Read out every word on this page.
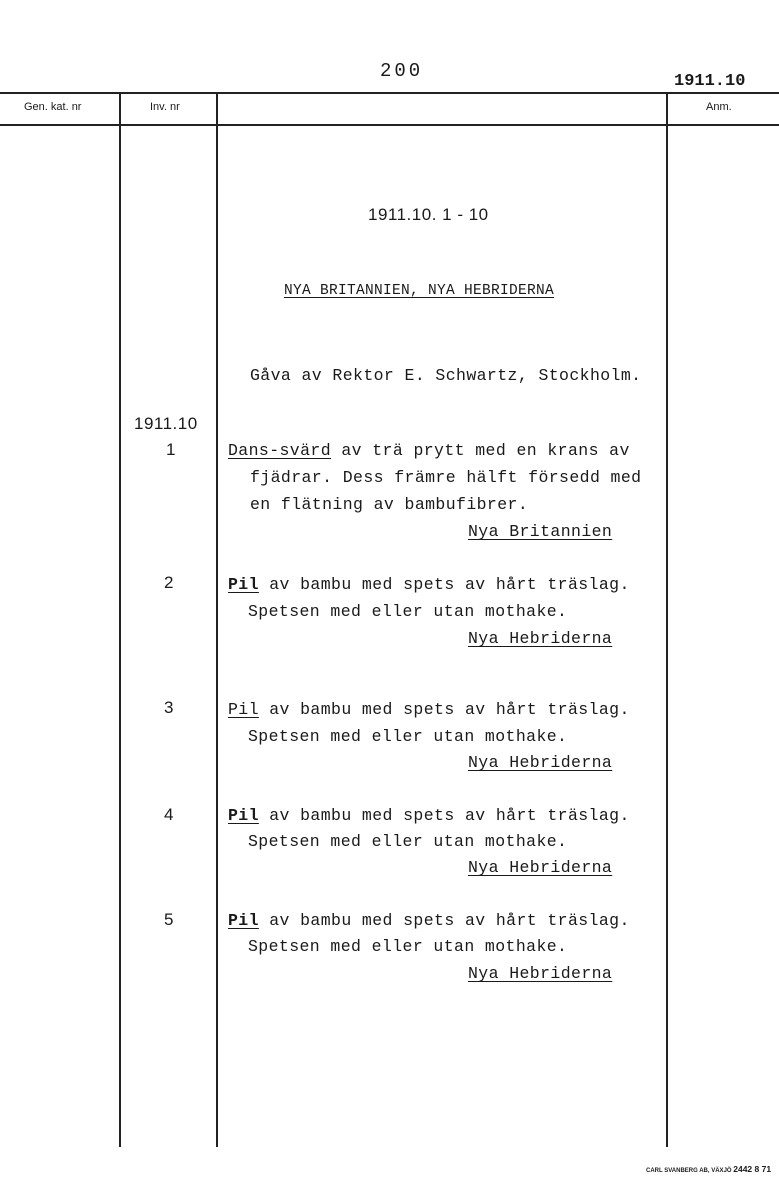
200	1911.10
Gen. kat. nr	Inv. nr	Anm.
1911.10. 1 - 10
NYA BRITANNIEN, NYA HEBRIDERNA
Gåva av Rektor E. Schwartz, Stockholm.
1911.10
1	Dans-svärd av trä prytt med en krans av
fjädrar. Dess främre hälft försedd med
en flätning av bambufibrer.
Nya Britannien
2	Pil av bambu med spets av hårt träslag.
Spetsen med eller utan mothake.
Nya Hebriderna
3	Pil av bambu med spets av hårt träslag.
Spetsen med eller utan mothake.
Nya Hebriderna
4	Pil av bambu med spets av hårt träslag.
Spetsen med eller utan mothake.
Nya Hebriderna
5	Pil av bambu med spets av hårt träslag.
Spetsen med eller utan mothake.
Nya Hebriderna
CARL SVANBERG AB, VÄXJÖ 2442 8 71
